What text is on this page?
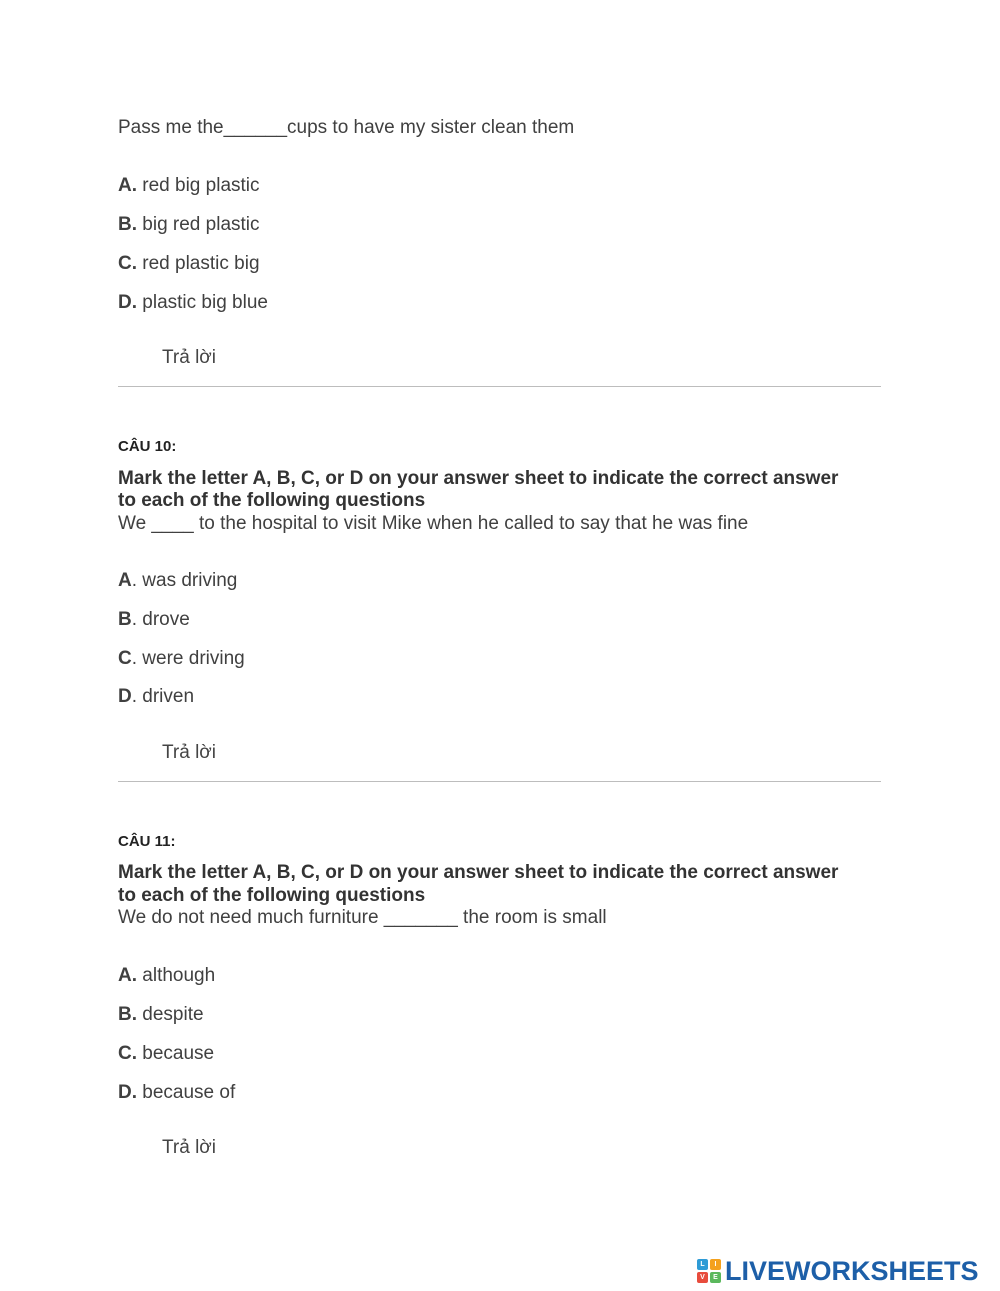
Pass me the______cups to have my sister clean them
A. red big plastic
B. big red plastic
C. red plastic big
D. plastic big blue
Trả lời
CÂU 10:
Mark the letter A, B, C, or D on your answer sheet to indicate the correct answer
to each of the following questions
We ____ to the hospital to visit Mike when he called to say that he was fine
A. was driving
B. drove
C. were driving
D. driven
Trả lời
CÂU 11:
Mark the letter A, B, C, or D on your answer sheet to indicate the correct answer
to each of the following questions
We do not need much furniture _______ the room is small
A. although
B. despite
C. because
D. because of
Trả lời
L	I
V	E LIVEWORKSHEETS
